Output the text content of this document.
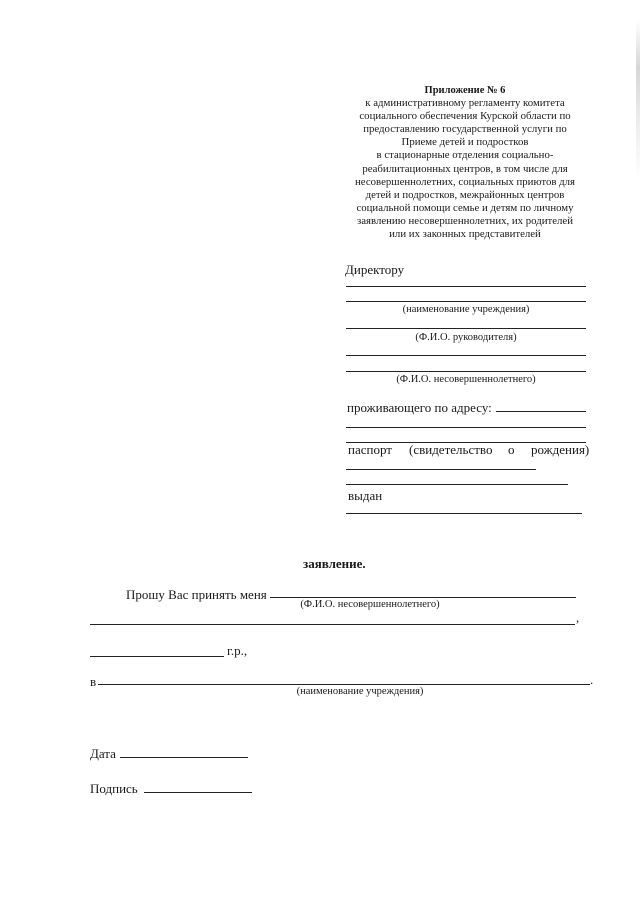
Приложение № 6
к административному регламенту комитета
социального обеспечения Курской области по
предоставлению государственной услуги по
Приеме детей и подростков
в стационарные отделения социально-
реабилитационных центров, в том числе для
несовершеннолетних, социальных приютов для
детей и подростков, межрайонных центров
социальной помощи семье и детям по личному
заявлению несовершеннолетних, их родителей
или их законных представителей
Директору
(наименование учреждения)
(Ф.И.О. руководителя)
(Ф.И.О. несовершеннолетнего)
проживающего по адресу:
паспорт (свидетельство о рождения)
выдан
заявление.
Прошу Вас принять меня
(Ф.И.О. несовершеннолетнего)
,
г.р.,
в	.
(наименование учреждения)
Дата
Подпись
